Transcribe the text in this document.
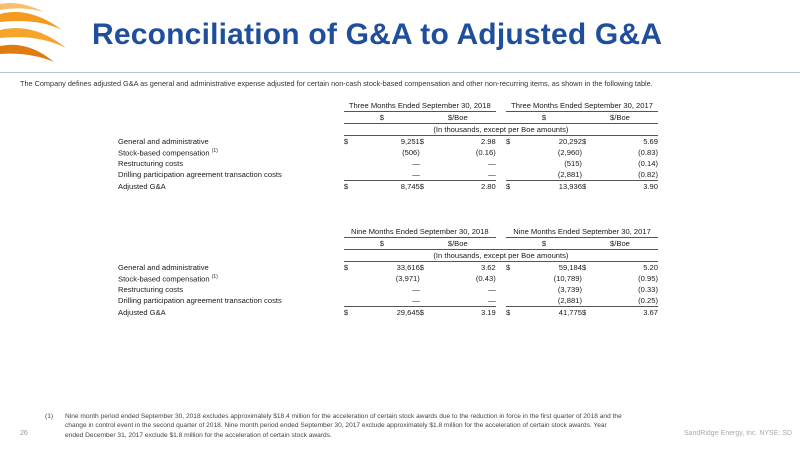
Reconciliation of G&A to Adjusted G&A
The Company defines adjusted G&A as general and administrative expense adjusted for certain non-cash stock-based compensation and other non-recurring items, as shown in the following table.
	Three Months Ended September 30, 2018					Three Months Ended September 30, 2017			
	$		$/Boe			$		$/Boe	
	(In thousands, except per Boe amounts)								
General and administrative	$	9,251	$	2.98		$	20,292	$	5.69
Stock-based compensation $^{(1)}$		(506)		(0.16)			(2,960)		(0.83)
Restructuring costs		—		—			(515)		(0.14)
Drilling participation agreement transaction costs		—		—			(2,881)		(0.82)
Adjusted G&A	$	8,745	$	2.80		$	13,936	$	3.90
	Nine Months Ended September 30, 2018					Nine Months Ended September 30, 2017			
	$		$/Boe			$		$/Boe	
	(In thousands, except per Boe amounts)								
General and administrative	$	33,616	$	3.62		$	59,184	$	5.20
Stock-based compensation $^{(1)}$		(3,971)		(0.43)			(10,789)		(0.95)
Restructuring costs		—		—			(3,739)		(0.33)
Drilling participation agreement transaction costs		—		—			(2,881)		(0.25)
Adjusted G&A	$	29,645	$	3.19		$	41,775	$	3.67
(1)	Nine month period ended September 30, 2018 excludes approximately $18.4 million for the acceleration of certain stock awards due to the reduction in force in the first quarter of 2018 and the change in control event in the second quarter of 2018. Nine month period ended September 30, 2017 exclude approximately $1.8 million for the acceleration of certain stock awards. Year ended December 31, 2017 exclude $1.8 million for the acceleration of certain stock awards.
26	SandRidge Energy, Inc. NYSE: SD
